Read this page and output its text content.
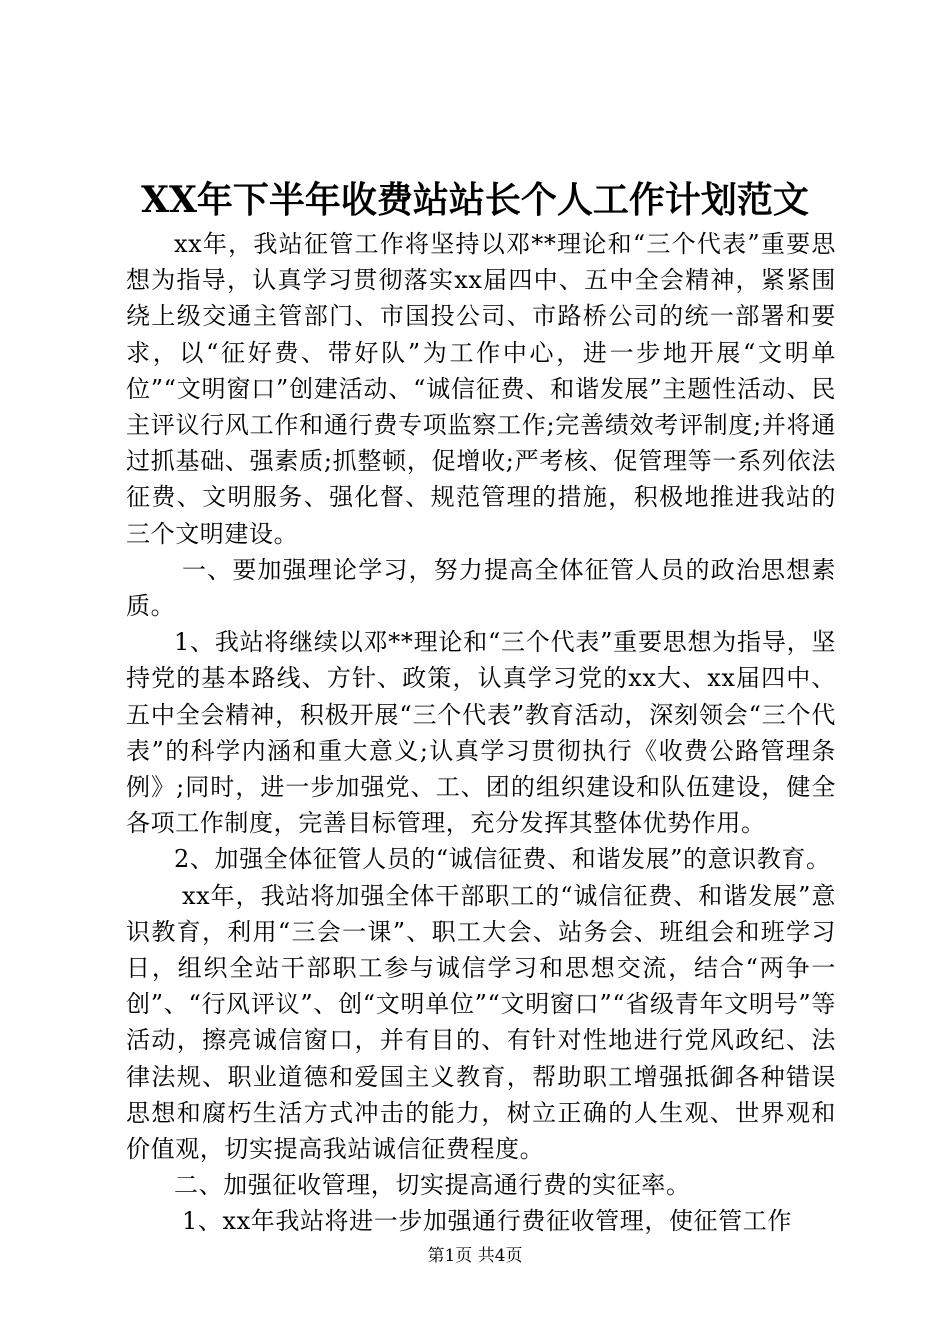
XX年下半年收费站站长个人工作计划范文

xx年，我站征管工作将坚持以邓**理论和“三个代表”重要思想为指导，认真学习贯彻落实xx届四中、五中全会精神，紧紧围绕上级交通主管部门、市国投公司、市路桥公司的统一部署和要求，以“征好费、带好队”为工作中心，进一步地开展“文明单位”“文明窗口”创建活动、“诚信征费、和谐发展”主题性活动、民主评议行风工作和通行费专项监察工作;完善绩效考评制度;并将通过抓基础、强素质;抓整顿，促增收;严考核、促管理等一系列依法征费、文明服务、强化督、规范管理的措施，积极地推进我站的三个文明建设。

一、要加强理论学习，努力提高全体征管人员的政治思想素质。

1、我站将继续以邓**理论和“三个代表”重要思想为指导，坚持党的基本路线、方针、政策，认真学习党的xx大、xx届四中、五中全会精神，积极开展“三个代表”教育活动，深刻领会“三个代表”的科学内涵和重大意义;认真学习贯彻执行《收费公路管理条例》;同时，进一步加强党、工、团的组织建设和队伍建设，健全各项工作制度，完善目标管理，充分发挥其整体优势作用。

2、加强全体征管人员的“诚信征费、和谐发展”的意识教育。

xx年，我站将加强全体干部职工的“诚信征费、和谐发展”意识教育，利用“三会一课”、职工大会、站务会、班组会和班学习日，组织全站干部职工参与诚信学习和思想交流，结合“两争一创”、“行风评议”、创“文明单位”“文明窗口”“省级青年文明号”等活动，擦亮诚信窗口，并有目的、有针对性地进行党风政纪、法律法规、职业道德和爱国主义教育，帮助职工增强抵御各种错误思想和腐朽生活方式冲击的能力，树立正确的人生观、世界观和价值观，切实提高我站诚信征费程度。

二、加强征收管理，切实提高通行费的实征率。

1、xx年我站将进一步加强通行费征收管理，使征管工作

第1页 共4页
